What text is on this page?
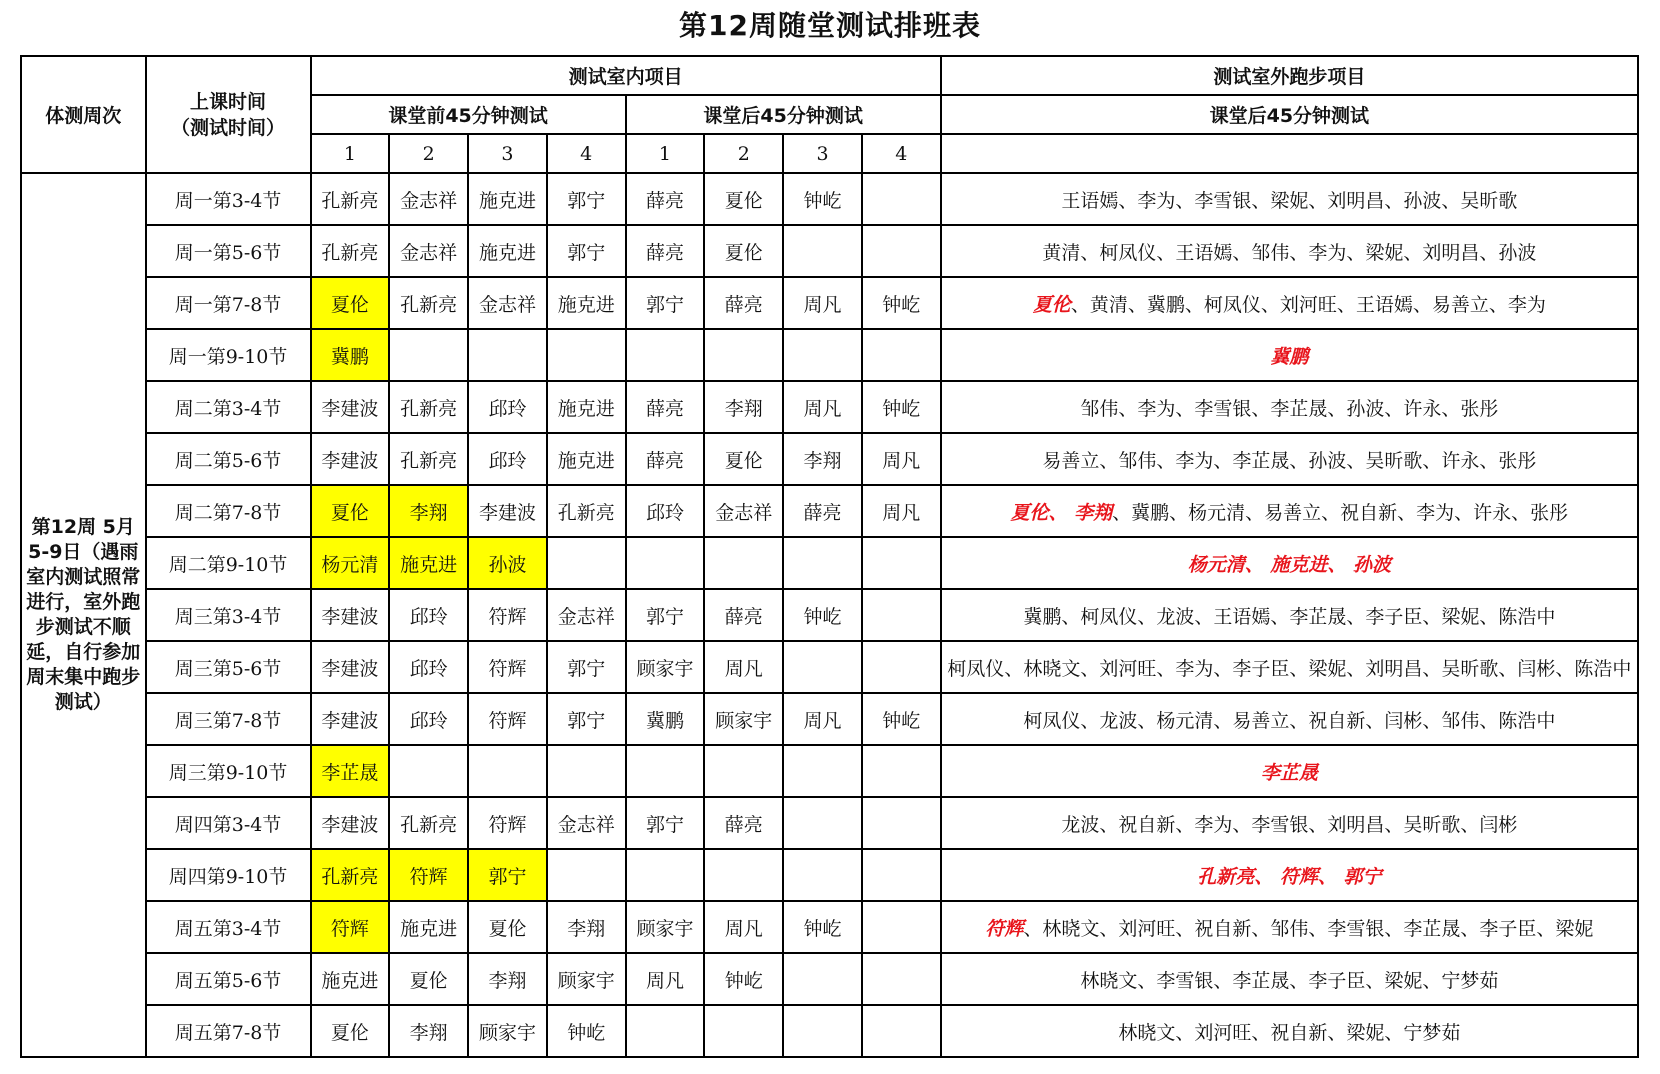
第12周随堂测试排班表
体测周次	上课时间
（测试时间）	测试室内项目								测试室外跑步项目
		课堂前45分钟测试				课堂后45分钟测试				课堂后45分钟测试
		1	2	3	4	1	2	3	4	
第12周 5月5-9日（遇雨室内测试照常进行，室外跑步测试不顺延，自行参加周末集中跑步测试）	周一第3-4节	孔新亮	金志祥	施克进	郭宁	薛亮	夏伦	钟屹		王语嫣、李为、李雪银、梁妮、刘明昌、孙波、吴昕歌
	周一第5-6节	孔新亮	金志祥	施克进	郭宁	薛亮	夏伦			黄清、柯凤仪、王语嫣、邹伟、李为、梁妮、刘明昌、孙波
	周一第7-8节	夏伦	孔新亮	金志祥	施克进	郭宁	薛亮	周凡	钟屹	夏伦、黄清、冀鹏、柯凤仪、刘河旺、王语嫣、易善立、李为
	周一第9-10节	冀鹏								冀鹏
	周二第3-4节	李建波	孔新亮	邱玲	施克进	薛亮	李翔	周凡	钟屹	邹伟、李为、李雪银、李芷晟、孙波、许永、张彤
	周二第5-6节	李建波	孔新亮	邱玲	施克进	薛亮	夏伦	李翔	周凡	易善立、邹伟、李为、李芷晟、孙波、吴昕歌、许永、张彤
	周二第7-8节	夏伦	李翔	李建波	孔新亮	邱玲	金志祥	薛亮	周凡	夏伦、 李翔、冀鹏、杨元清、易善立、祝自新、李为、许永、张彤
	周二第9-10节	杨元清	施克进	孙波						杨元清、 施克进、 孙波
	周三第3-4节	李建波	邱玲	符辉	金志祥	郭宁	薛亮	钟屹		冀鹏、柯凤仪、龙波、王语嫣、李芷晟、李子臣、梁妮、陈浩中
	周三第5-6节	李建波	邱玲	符辉	郭宁	顾家宇	周凡			柯凤仪、林晓文、刘河旺、李为、李子臣、梁妮、刘明昌、吴昕歌、闫彬、陈浩中
	周三第7-8节	李建波	邱玲	符辉	郭宁	冀鹏	顾家宇	周凡	钟屹	柯凤仪、龙波、杨元清、易善立、祝自新、闫彬、邹伟、陈浩中
	周三第9-10节	李芷晟								李芷晟
	周四第3-4节	李建波	孔新亮	符辉	金志祥	郭宁	薛亮			龙波、祝自新、李为、李雪银、刘明昌、吴昕歌、闫彬
	周四第9-10节	孔新亮	符辉	郭宁						孔新亮、 符辉、 郭宁
	周五第3-4节	符辉	施克进	夏伦	李翔	顾家宇	周凡	钟屹		符辉、林晓文、刘河旺、祝自新、邹伟、李雪银、李芷晟、李子臣、梁妮
	周五第5-6节	施克进	夏伦	李翔	顾家宇	周凡	钟屹			林晓文、李雪银、李芷晟、李子臣、梁妮、宁梦茹
	周五第7-8节	夏伦	李翔	顾家宇	钟屹					林晓文、刘河旺、祝自新、梁妮、宁梦茹
